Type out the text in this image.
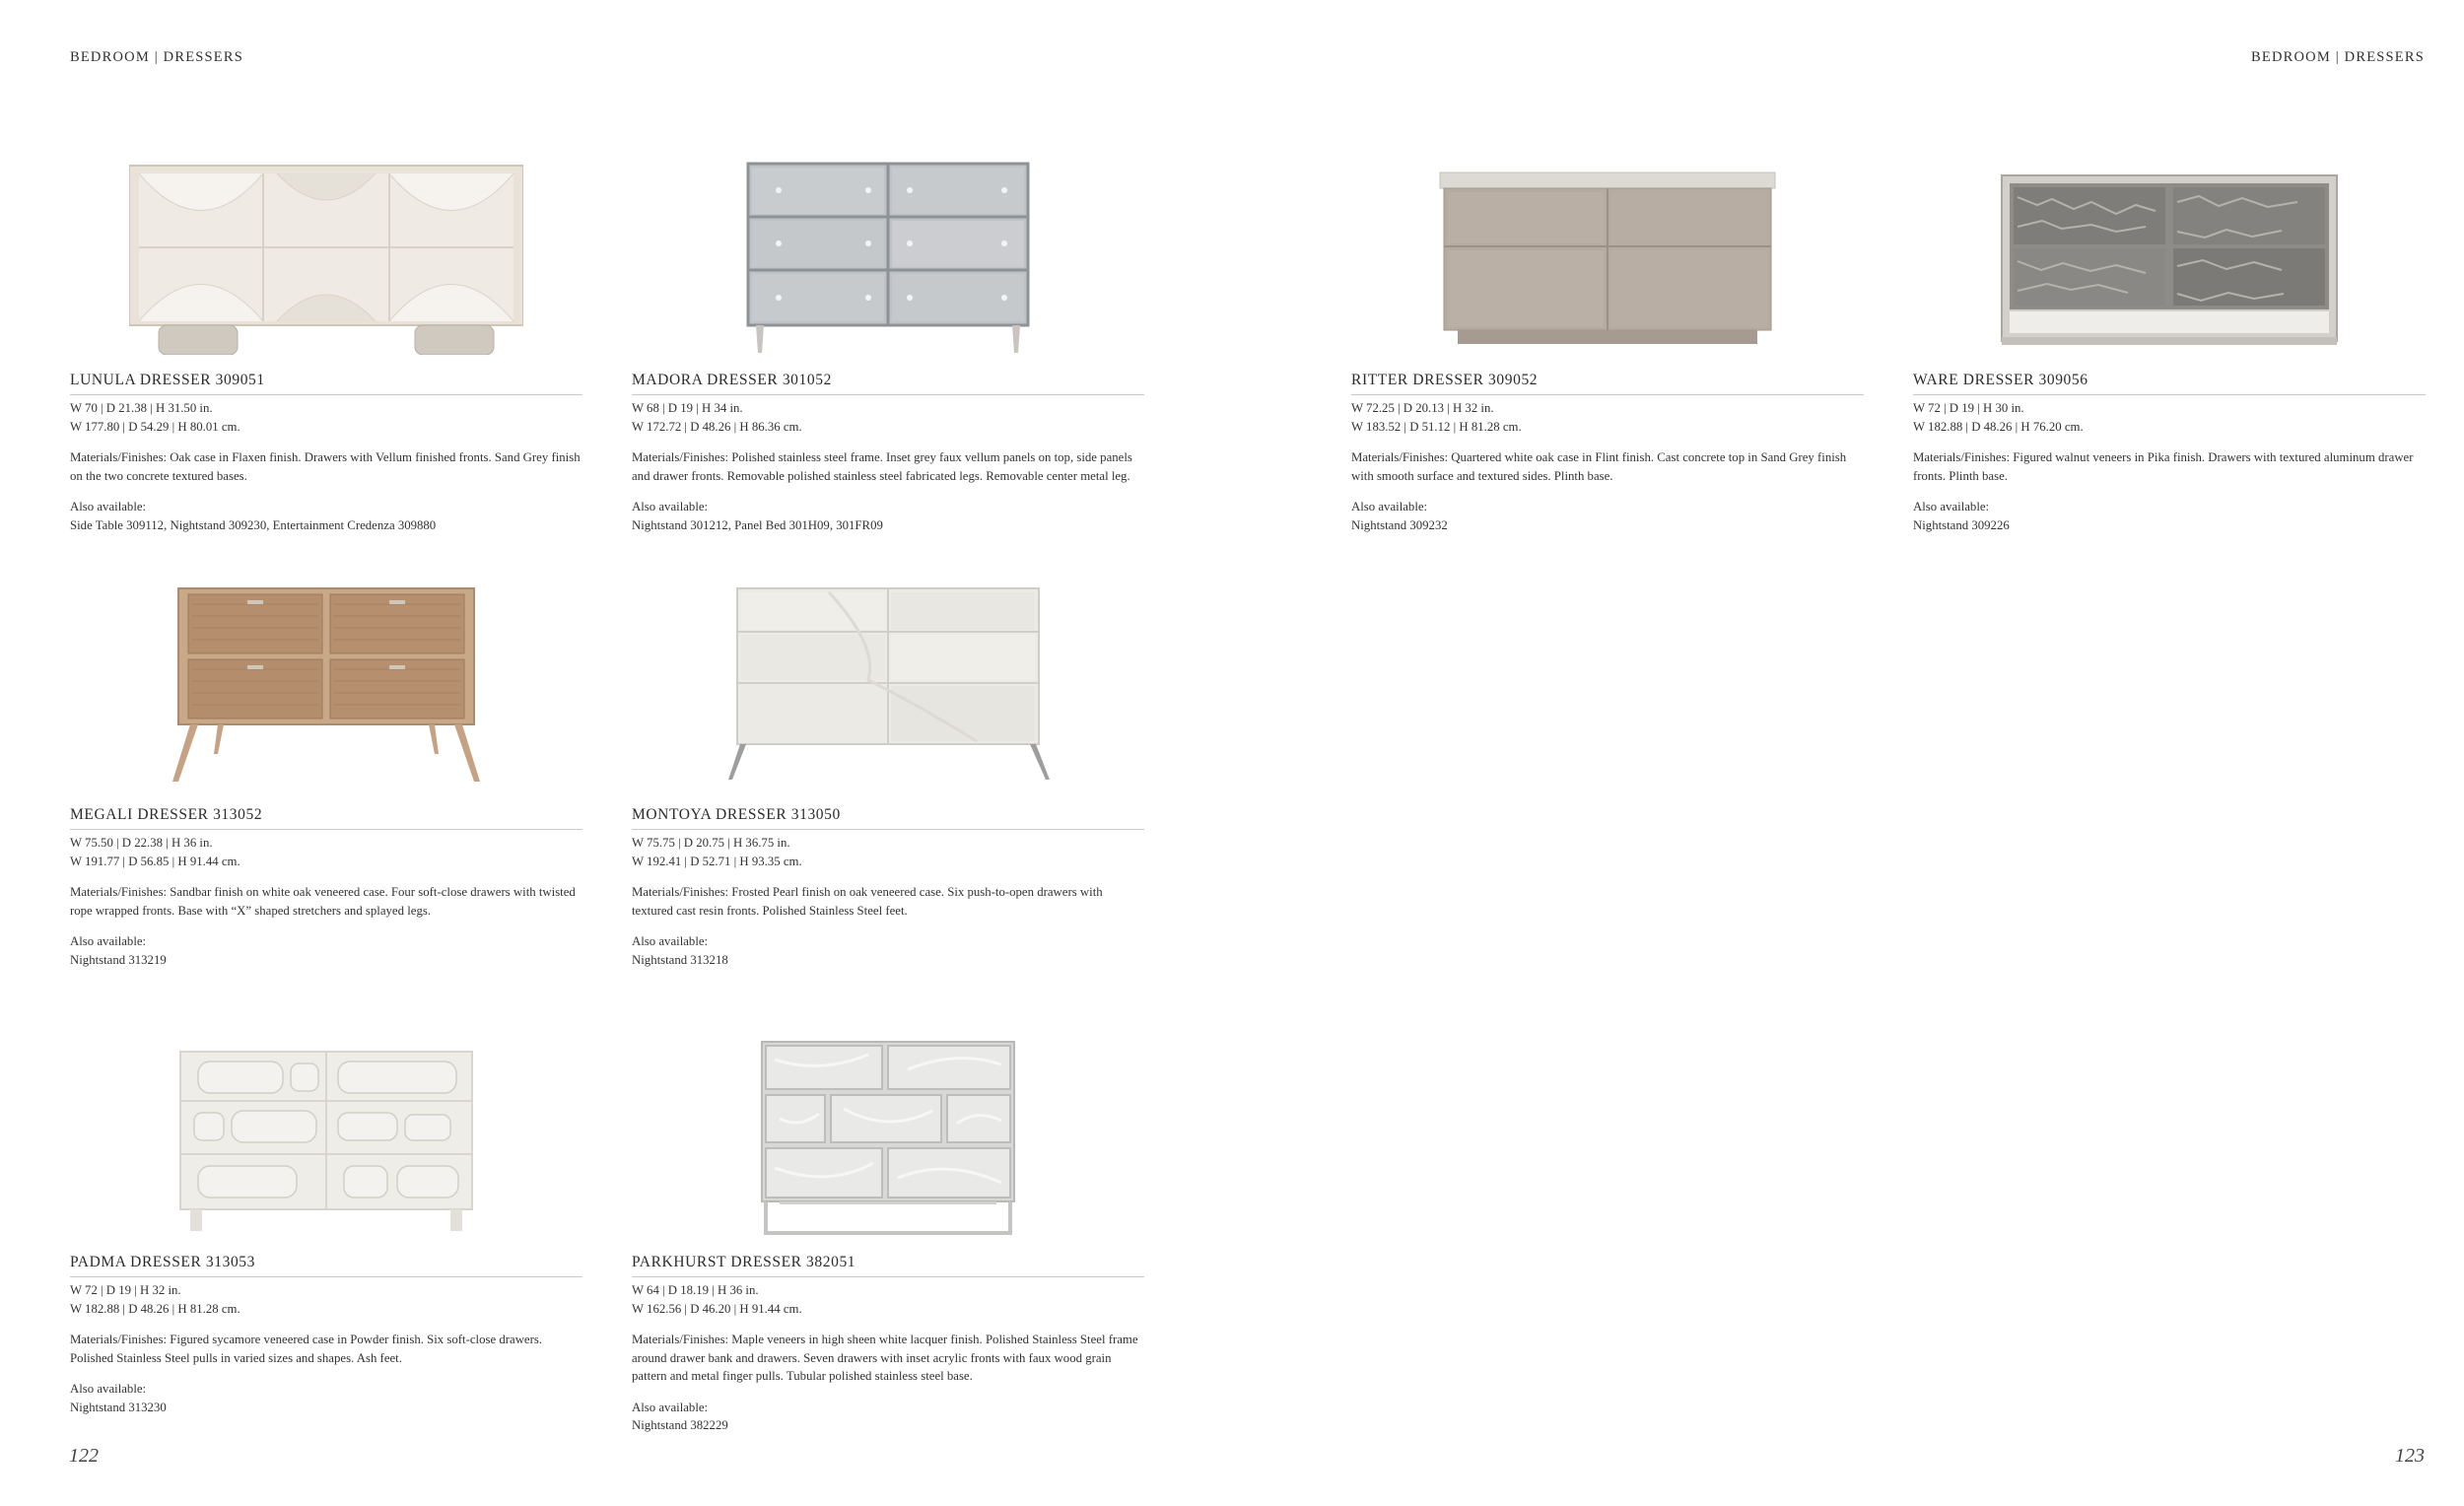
BEDROOM | DRESSERS	BEDROOM | DRESSERS
LUNULA DRESSER 309051

W 70 | D 21.38 | H 31.50 in.

W 177.80 | D 54.29 | H 80.01 cm.

Materials/Finishes: Oak case in Flaxen finish. Drawers with Vellum finished fronts. Sand Grey finish on the two concrete textured bases.

Also available:

Side Table 309112, Nightstand 309230, Entertainment Credenza 309880

MADORA DRESSER 301052

W 68 | D 19 | H 34 in.

W 172.72 | D 48.26 | H 86.36 cm.

Materials/Finishes: Polished stainless steel frame. Inset grey faux vellum panels on top, side panels and drawer fronts. Removable polished stainless steel fabricated legs. Removable center metal leg.

Also available:

Nightstand 301212, Panel Bed 301H09, 301FR09

RITTER DRESSER 309052

W 72.25 | D 20.13 | H 32 in.

W 183.52 | D 51.12 | H 81.28 cm.

Materials/Finishes: Quartered white oak case in Flint finish. Cast concrete top in Sand Grey finish with smooth surface and textured sides. Plinth base.

Also available:

Nightstand 309232

WARE DRESSER 309056

W 72 | D 19 | H 30 in.

W 182.88 | D 48.26 | H 76.20 cm.

Materials/Finishes: Figured walnut veneers in Pika finish. Drawers with textured aluminum drawer fronts. Plinth base.

Also available:

Nightstand 309226

MEGALI DRESSER 313052

W 75.50 | D 22.38 | H 36 in.

W 191.77 | D 56.85 | H 91.44 cm.

Materials/Finishes: Sandbar finish on white oak veneered case. Four soft-close drawers with twisted rope wrapped fronts. Base with “X” shaped stretchers and splayed legs.

Also available:

Nightstand 313219

MONTOYA DRESSER 313050

W 75.75 | D 20.75 | H 36.75 in.

W 192.41 | D 52.71 | H 93.35 cm.

Materials/Finishes: Frosted Pearl finish on oak veneered case. Six push-to-open drawers with textured cast resin fronts. Polished Stainless Steel feet.

Also available:

Nightstand 313218

PADMA DRESSER 313053

W 72 | D 19 | H 32 in.

W 182.88 | D 48.26 | H 81.28 cm.

Materials/Finishes: Figured sycamore veneered case in Powder finish. Six soft-close drawers. Polished Stainless Steel pulls in varied sizes and shapes. Ash feet.

Also available:

Nightstand 313230

PARKHURST DRESSER 382051

W 64 | D 18.19 | H 36 in.

W 162.56 | D 46.20 | H 91.44 cm.

Materials/Finishes: Maple veneers in high sheen white lacquer finish. Polished Stainless Steel frame around drawer bank and drawers. Seven drawers with inset acrylic fronts with faux wood grain pattern and metal finger pulls. Tubular polished stainless steel base.

Also available:

Nightstand 382229

122	123
